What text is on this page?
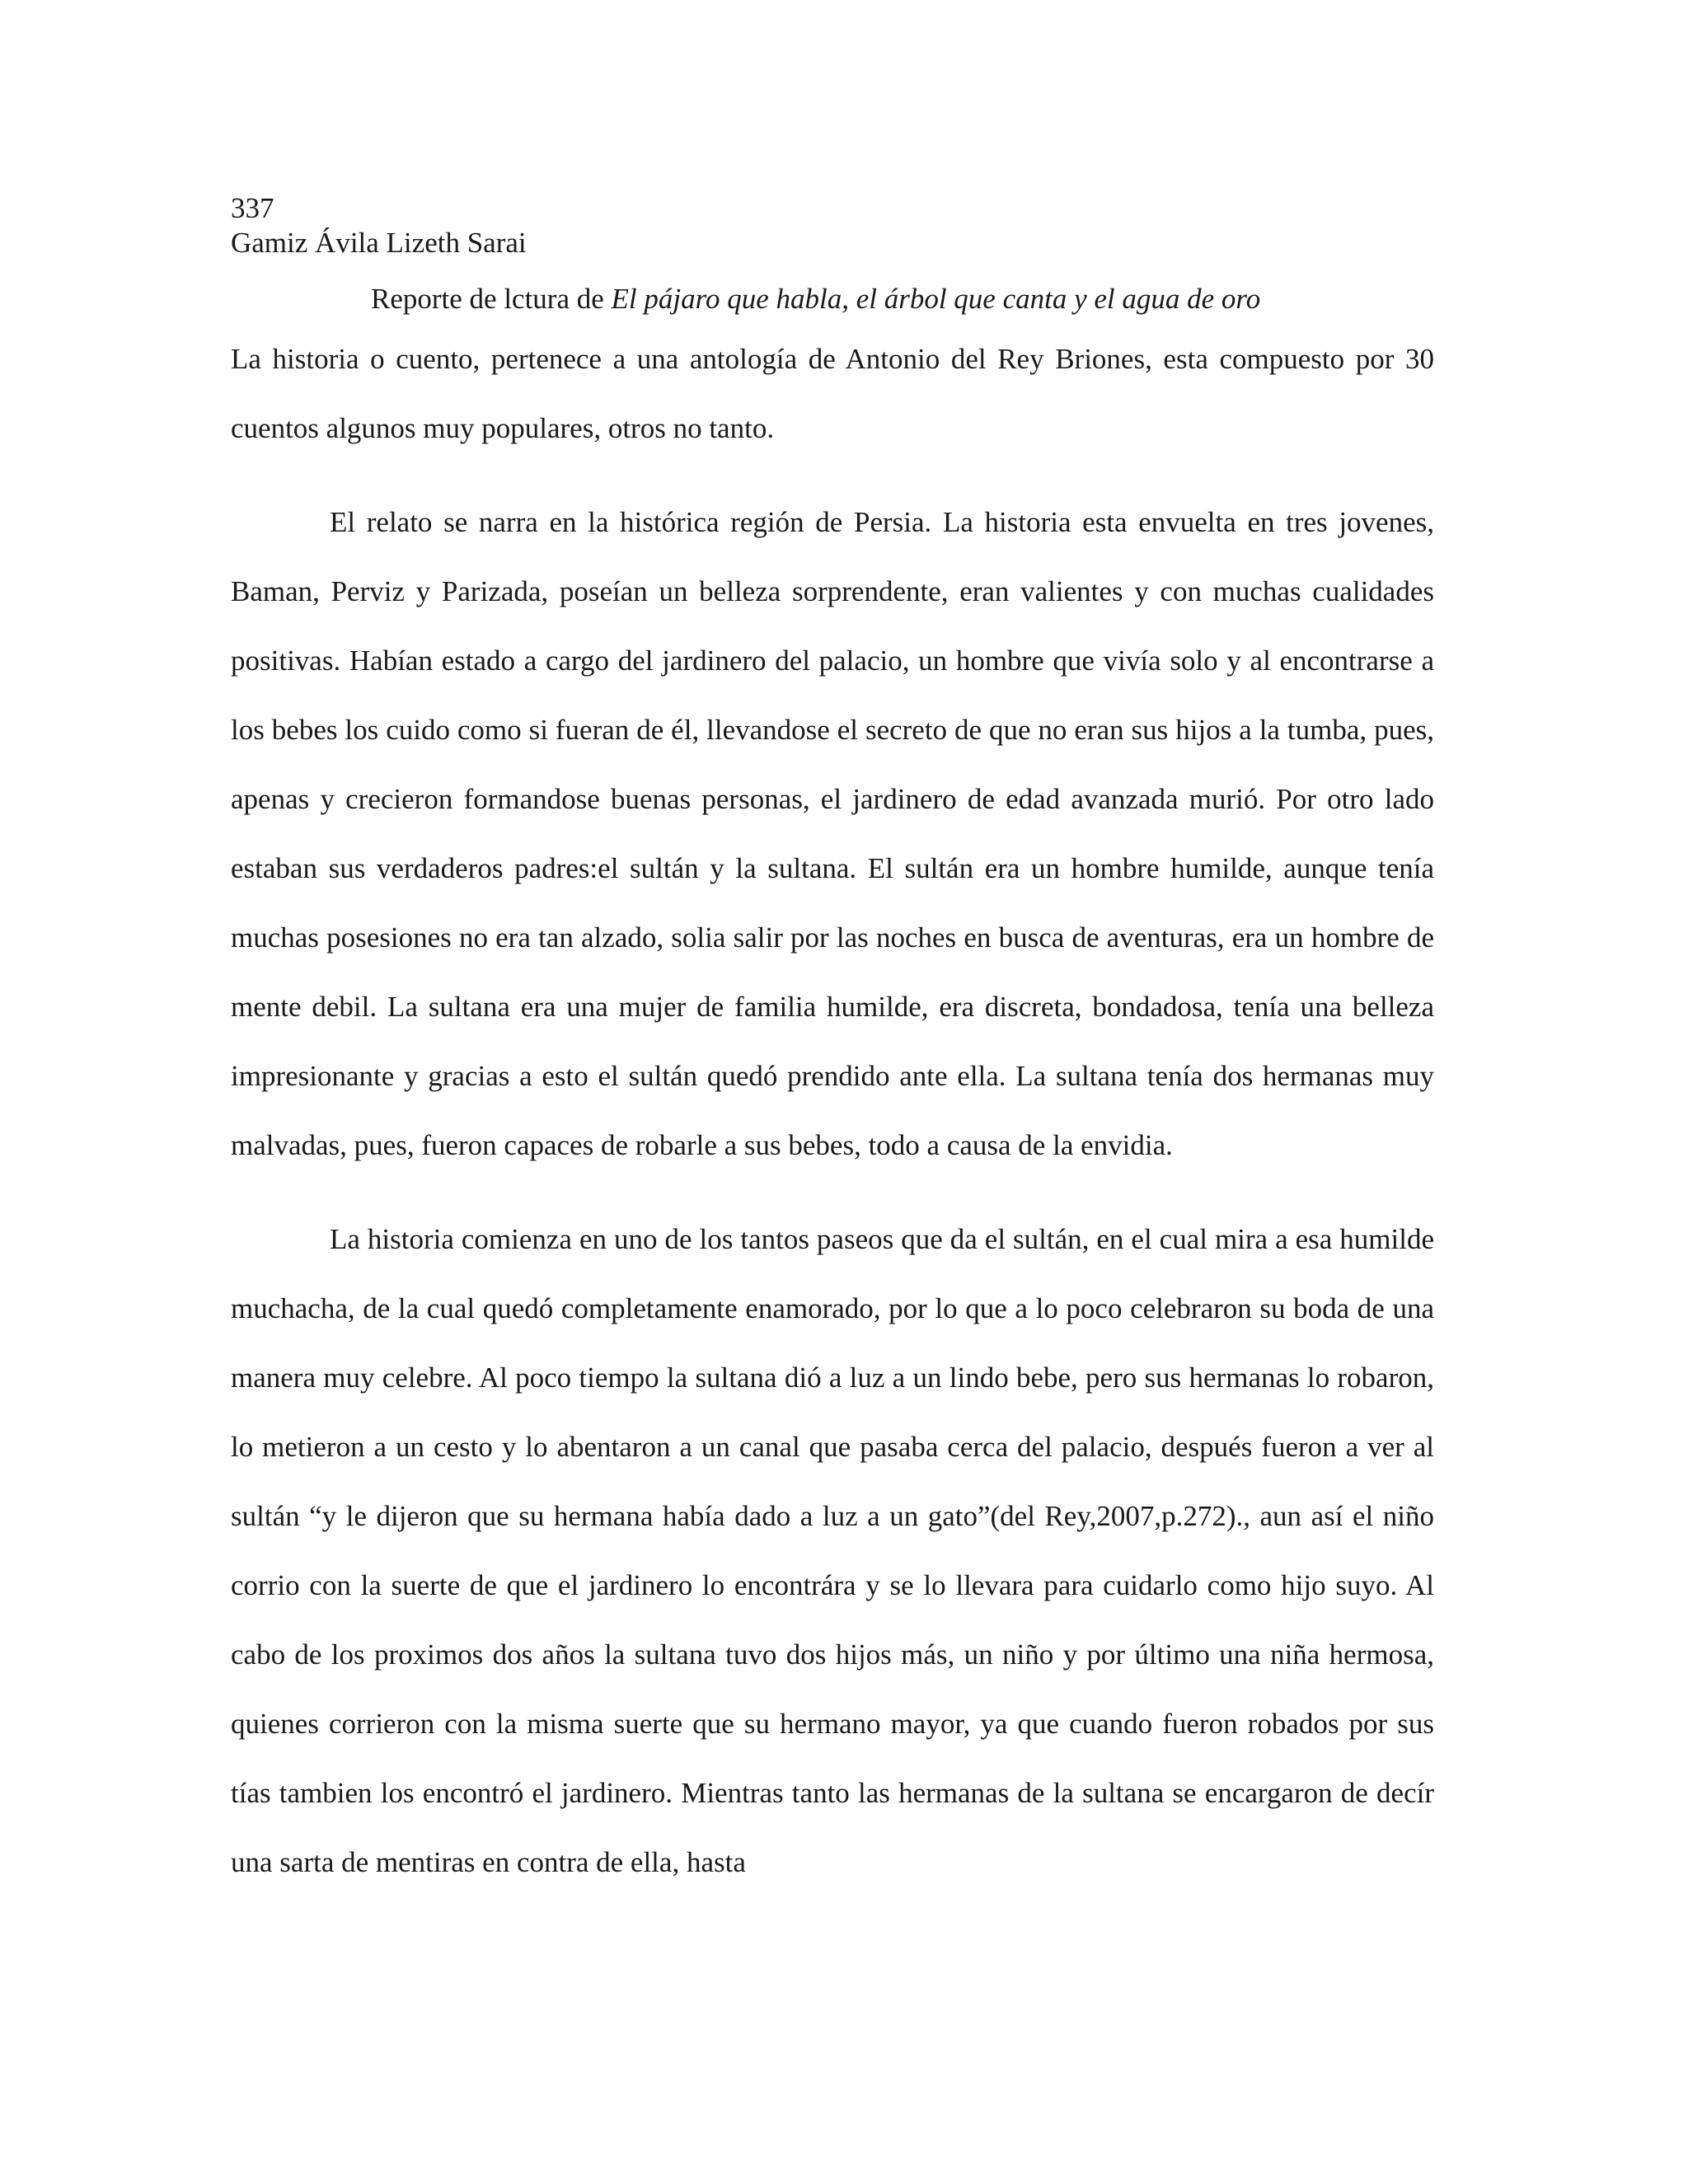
337

Gamiz Ávila Lizeth Sarai

Reporte de lctura de El pájaro que habla, el árbol que canta y el agua de oro

La historia o cuento, pertenece a una antología de Antonio del Rey Briones, esta compuesto por 30 cuentos algunos muy populares, otros no tanto.

El relato se narra en la histórica región de Persia. La historia esta envuelta en tres jovenes, Baman, Perviz y Parizada, poseían un belleza sorprendente, eran valientes y con muchas cualidades positivas. Habían estado a cargo del jardinero del palacio, un hombre que vivía solo y al encontrarse a los bebes los cuido como si fueran de él, llevandose el secreto de que no eran sus hijos a la tumba, pues, apenas y crecieron formandose buenas personas, el jardinero de edad avanzada murió. Por otro lado estaban sus verdaderos padres:el sultán y la sultana. El sultán era un hombre humilde, aunque tenía muchas posesiones no era tan alzado, solia salir por las noches en busca de aventuras, era un hombre de mente debil. La sultana era una mujer de familia humilde, era discreta, bondadosa, tenía una belleza impresionante y gracias a esto el sultán quedó prendido ante ella. La sultana tenía dos hermanas muy malvadas, pues, fueron capaces de robarle a sus bebes, todo a causa de la envidia.

La historia comienza en uno de los tantos paseos que da el sultán, en el cual mira a esa humilde muchacha, de la cual quedó completamente enamorado, por lo que a lo poco celebraron su boda de una manera muy celebre. Al poco tiempo la sultana dió a luz a un lindo bebe, pero sus hermanas lo robaron, lo metieron a un cesto y lo abentaron a un canal que pasaba cerca del palacio, después fueron a ver al sultán “y le dijeron que su hermana había dado a luz a un gato”(del Rey,2007,p.272)., aun así el niño corrio con la suerte de que el jardinero lo encontrára y se lo llevara para cuidarlo como hijo suyo. Al cabo de los proximos dos años la sultana tuvo dos hijos más, un niño y por último una niña hermosa, quienes corrieron con la misma suerte que su hermano mayor, ya que cuando fueron robados por sus tías tambien los encontró el jardinero. Mientras tanto las hermanas de la sultana se encargaron de decír una sarta de mentiras en contra de ella, hasta
